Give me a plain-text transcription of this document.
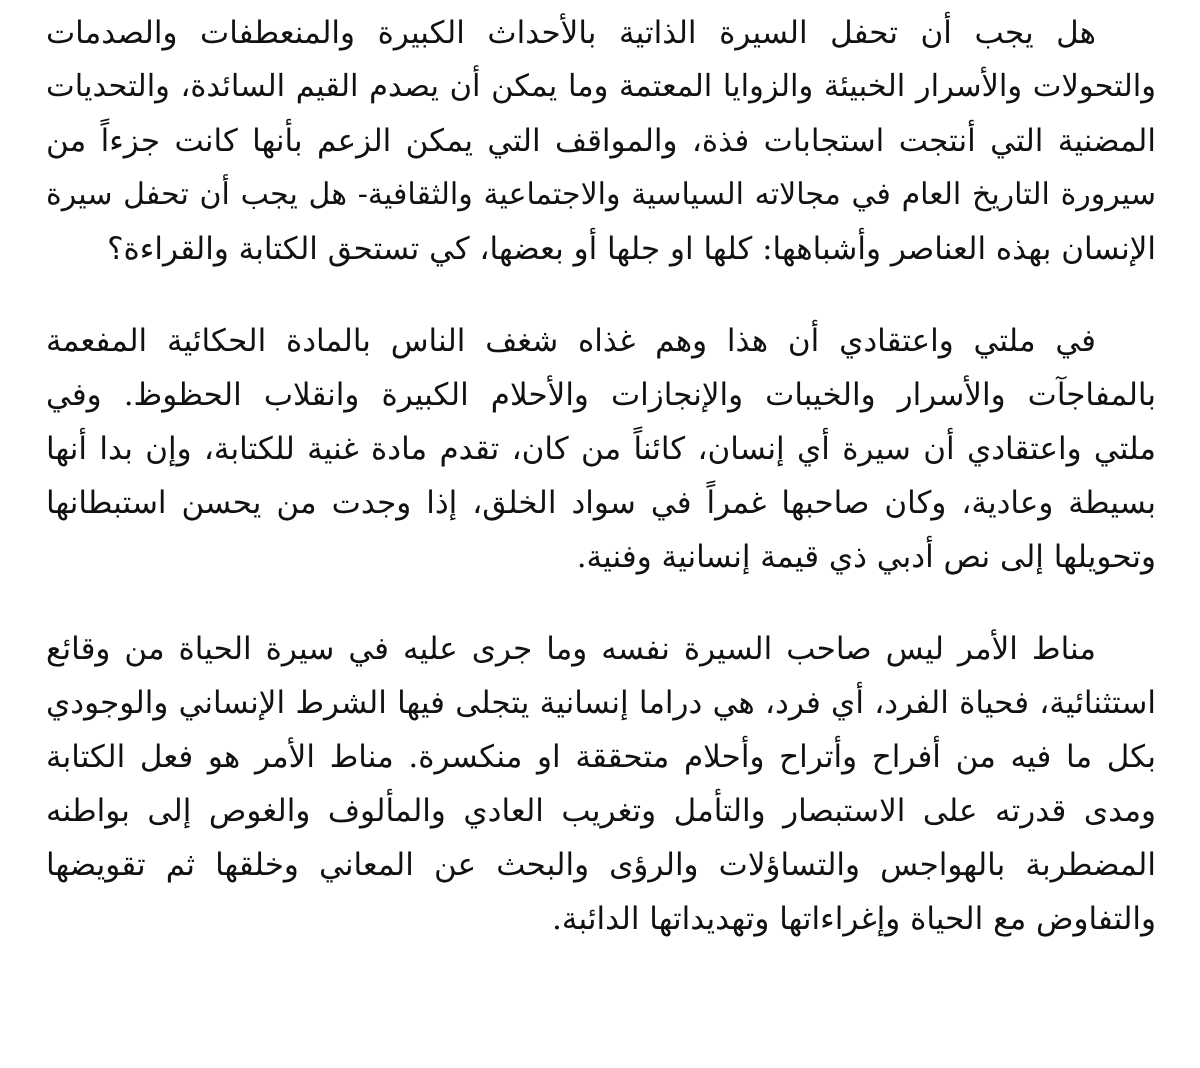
هل يجب أن تحفل السيرة الذاتية بالأحداث الكبيرة والمنعطفات والصدمات
والتحولات والأسرار الخبيئة والزوايا المعتمة وما يمكن أن يصدم القيم السائدة، والتحديات
المضنية التي أنتجت استجابات فذة، والمواقف التي يمكن الزعم بأنها كانت جزءاً من
سيرورة التاريخ العام في مجالاته السياسية والاجتماعية والثقافية- هل يجب أن تحفل سيرة
الإنسان بهذه العناصر وأشباهها: كلها او جلها أو بعضها، كي تستحق الكتابة والقراءة؟
في ملتي واعتقادي أن هذا وهم غذاه شغف الناس بالمادة الحكائية المفعمة
بالمفاجآت والأسرار والخيبات والإنجازات والأحلام الكبيرة وانقلاب الحظوظ. وفي
ملتي واعتقادي أن سيرة أي إنسان، كائناً من كان، تقدم مادة غنية للكتابة، وإن بدا أنها
بسيطة وعادية، وكان صاحبها غمراً في سواد الخلق، إذا وجدت من يحسن استبطانها
وتحويلها إلى نص أدبي ذي قيمة إنسانية وفنية.
مناط الأمر ليس صاحب السيرة نفسه وما جرى عليه في سيرة الحياة من وقائع
استثنائية، فحياة الفرد، أي فرد، هي دراما إنسانية يتجلى فيها الشرط الإنساني والوجودي
بكل ما فيه من أفراح وأتراح وأحلام متحققة او منكسرة. مناط الأمر هو فعل الكتابة
ومدى قدرته على الاستبصار والتأمل وتغريب العادي والمألوف والغوص إلى بواطنه
المضطربة بالهواجس والتساؤلات والرؤى والبحث عن المعاني وخلقها ثم تقويضها
والتفاوض مع الحياة وإغراءاتها وتهديداتها الدائبة.
